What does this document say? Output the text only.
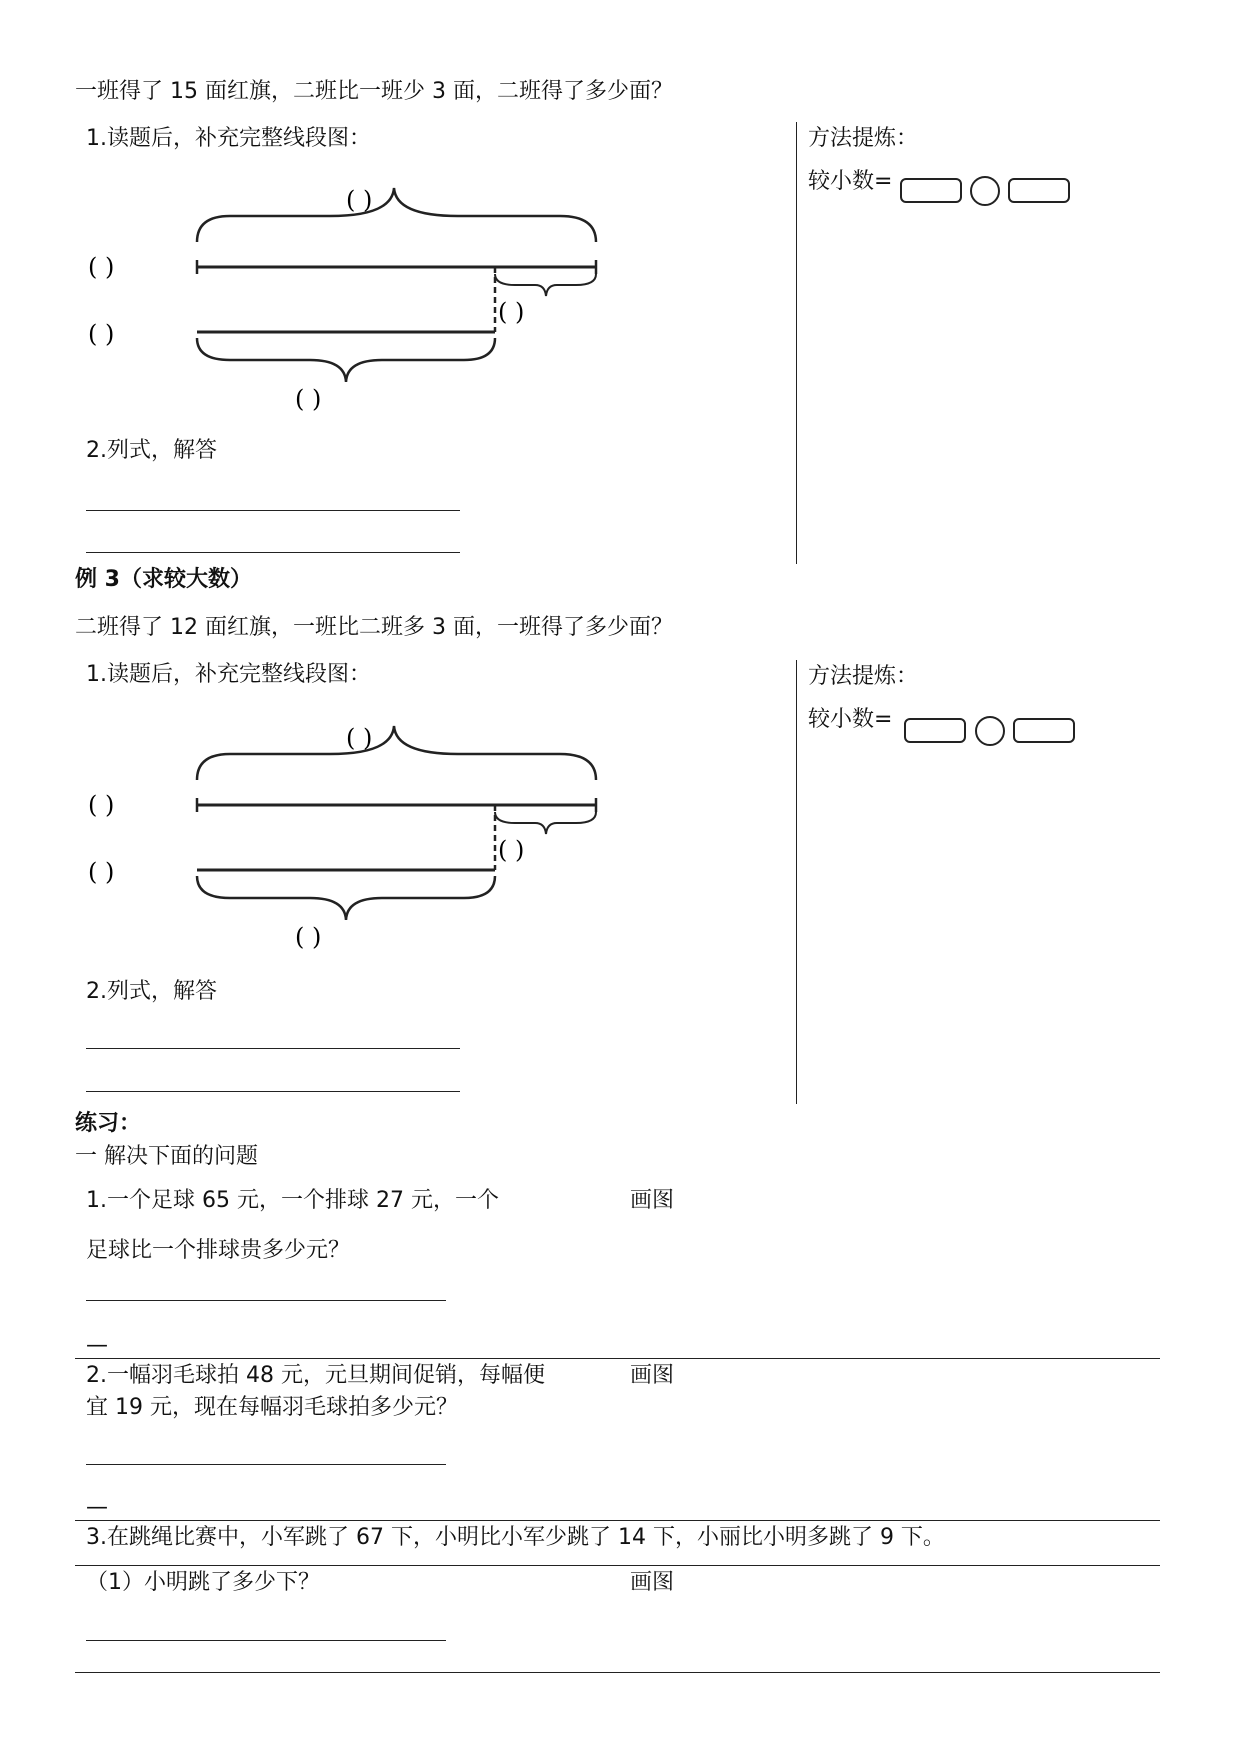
一班得了 15 面红旗，二班比一班少 3 面，二班得了多少面？
1.读题后，补充完整线段图：
( )
( )
( )
( )
( )
2.列式，解答
方法提炼：
较小数=
例 3（求较大数）
二班得了 12 面红旗，一班比二班多 3 面，一班得了多少面？
1.读题后，补充完整线段图：
( )
( )
( )
( )
( )
2.列式，解答
方法提炼：
较小数=
练习：
一 解决下面的问题
1.一个足球 65 元，一个排球 27 元，一个	画图
足球比一个排球贵多少元？
—
2.一幅羽毛球拍 48 元，元旦期间促销，每幅便	画图
宜 19 元，现在每幅羽毛球拍多少元？
—
3.在跳绳比赛中，小军跳了 67 下，小明比小军少跳了 14 下，小丽比小明多跳了 9 下。
（1）小明跳了多少下？	画图
